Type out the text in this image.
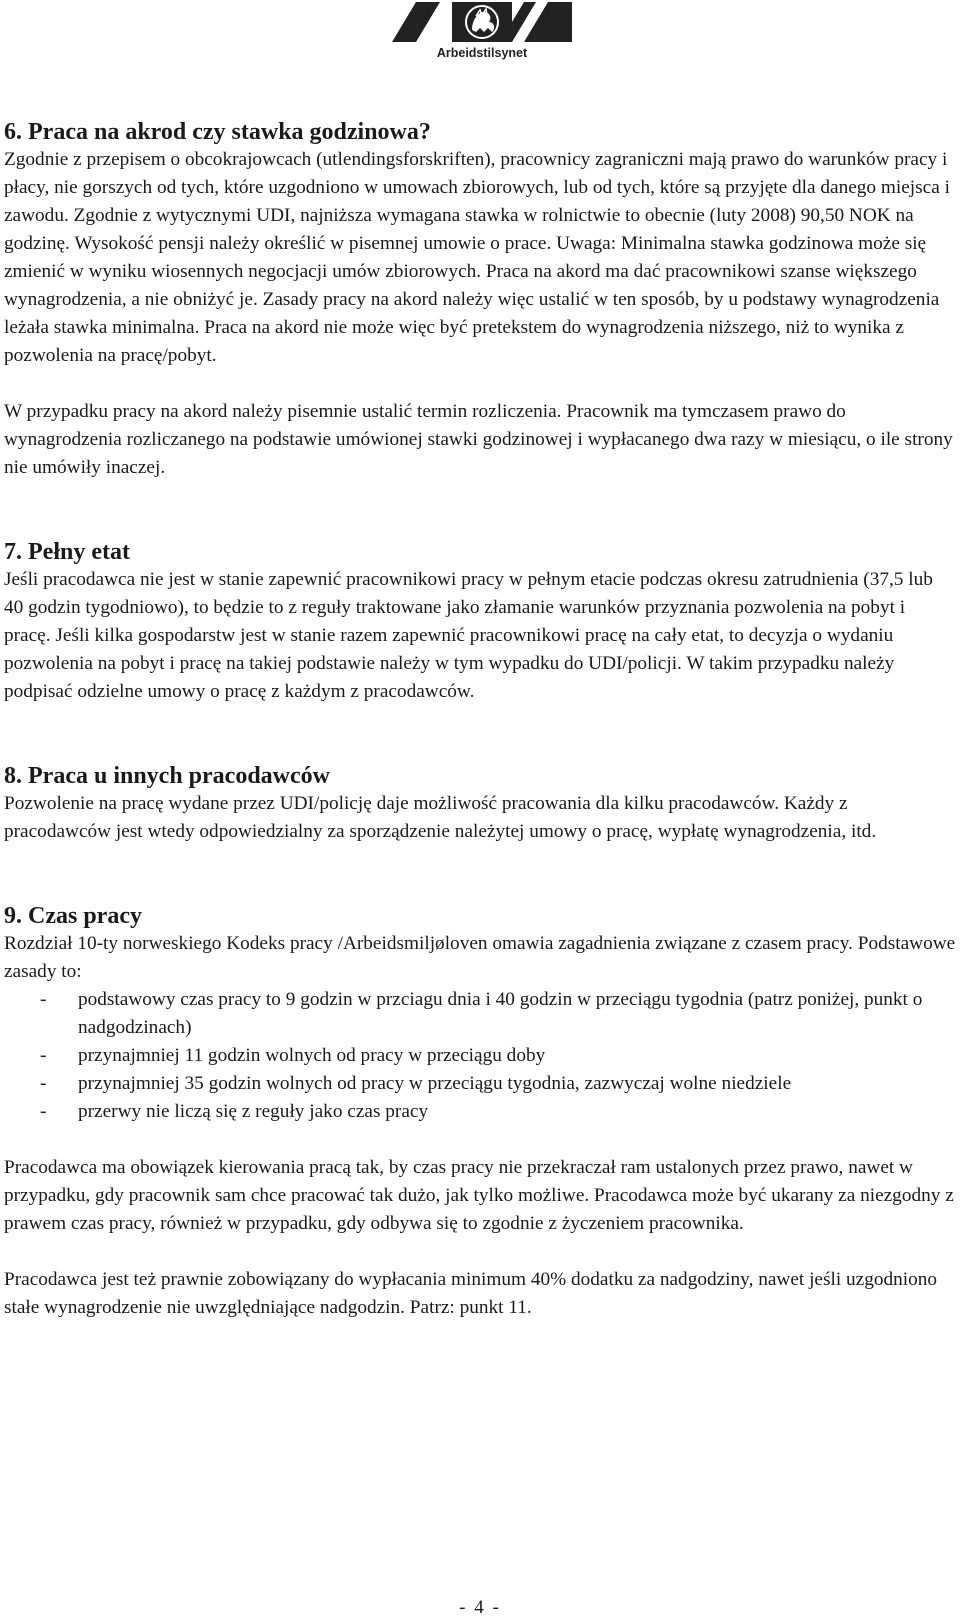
Arbeidstilsynet
6. Praca na akrod czy stawka godzinowa?

Zgodnie z przepisem o obcokrajowcach (utlendingsforskriften), pracownicy zagraniczni mają prawo do warunków pracy i płacy, nie gorszych od tych, które uzgodniono w umowach zbiorowych, lub od tych, które są przyjęte dla danego miejsca i zawodu. Zgodnie z wytycznymi UDI, najniższa wymagana stawka w rolnictwie to obecnie (luty 2008) 90,50 NOK na godzinę. Wysokość pensji należy określić w pisemnej umowie o prace. Uwaga: Minimalna stawka godzinowa może się zmienić w wyniku wiosennych negocjacji umów zbiorowych. Praca na akord ma dać pracownikowi szanse większego wynagrodzenia, a nie obniżyć je. Zasady pracy na akord należy więc ustalić w ten sposób, by u podstawy wynagrodzenia leżała stawka minimalna. Praca na akord nie może więc być pretekstem do wynagrodzenia niższego, niż to wynika z pozwolenia na pracę/pobyt.

W przypadku pracy na akord należy pisemnie ustalić termin rozliczenia. Pracownik ma tymczasem prawo do wynagrodzenia rozliczanego na podstawie umówionej stawki godzinowej i wypłacanego dwa razy w miesiącu, o ile strony nie umówiły inaczej.

7. Pełny etat

Jeśli pracodawca nie jest w stanie zapewnić pracownikowi pracy w pełnym etacie podczas okresu zatrudnienia (37,5 lub 40 godzin tygodniowo), to będzie to z reguły traktowane jako złamanie warunków przyznania pozwolenia na pobyt i pracę. Jeśli kilka gospodarstw jest w stanie razem zapewnić pracownikowi pracę na cały etat, to decyzja o wydaniu pozwolenia na pobyt i pracę na takiej podstawie należy w tym wypadku do UDI/policji. W takim przypadku należy podpisać odzielne umowy o pracę z każdym z pracodawców.

8. Praca u innych pracodawców

Pozwolenie na pracę wydane przez UDI/policję daje możliwość pracowania dla kilku pracodawców. Każdy z pracodawców jest wtedy odpowiedzialny za sporządzenie należytej umowy o pracę, wypłatę wynagrodzenia, itd.

9. Czas pracy

Rozdział 10-ty norweskiego Kodeks pracy /Arbeidsmiljøloven omawia zagadnienia związane z czasem pracy. Podstawowe zasady to:

- podstawowy czas pracy to 9 godzin w przciagu dnia i 40 godzin w przeciągu tygodnia (patrz poniżej, punkt o nadgodzinach)
- przynajmniej 11 godzin wolnych od pracy w przeciągu doby
- przynajmniej 35 godzin wolnych od pracy w przeciągu tygodnia, zazwyczaj wolne niedziele
- przerwy nie liczą się z reguły jako czas pracy

Pracodawca ma obowiązek kierowania pracą tak, by czas pracy nie przekraczał ram ustalonych przez prawo, nawet w przypadku, gdy pracownik sam chce pracować tak dużo, jak tylko możliwe. Pracodawca może być ukarany za niezgodny z prawem czas pracy, również w przypadku, gdy odbywa się to zgodnie z życzeniem pracownika.

Pracodawca jest też prawnie zobowiązany do wypłacania minimum 40% dodatku za nadgodziny, nawet jeśli uzgodniono stałe wynagrodzenie nie uwzględniające nadgodzin. Patrz: punkt 11.

- 4 -
